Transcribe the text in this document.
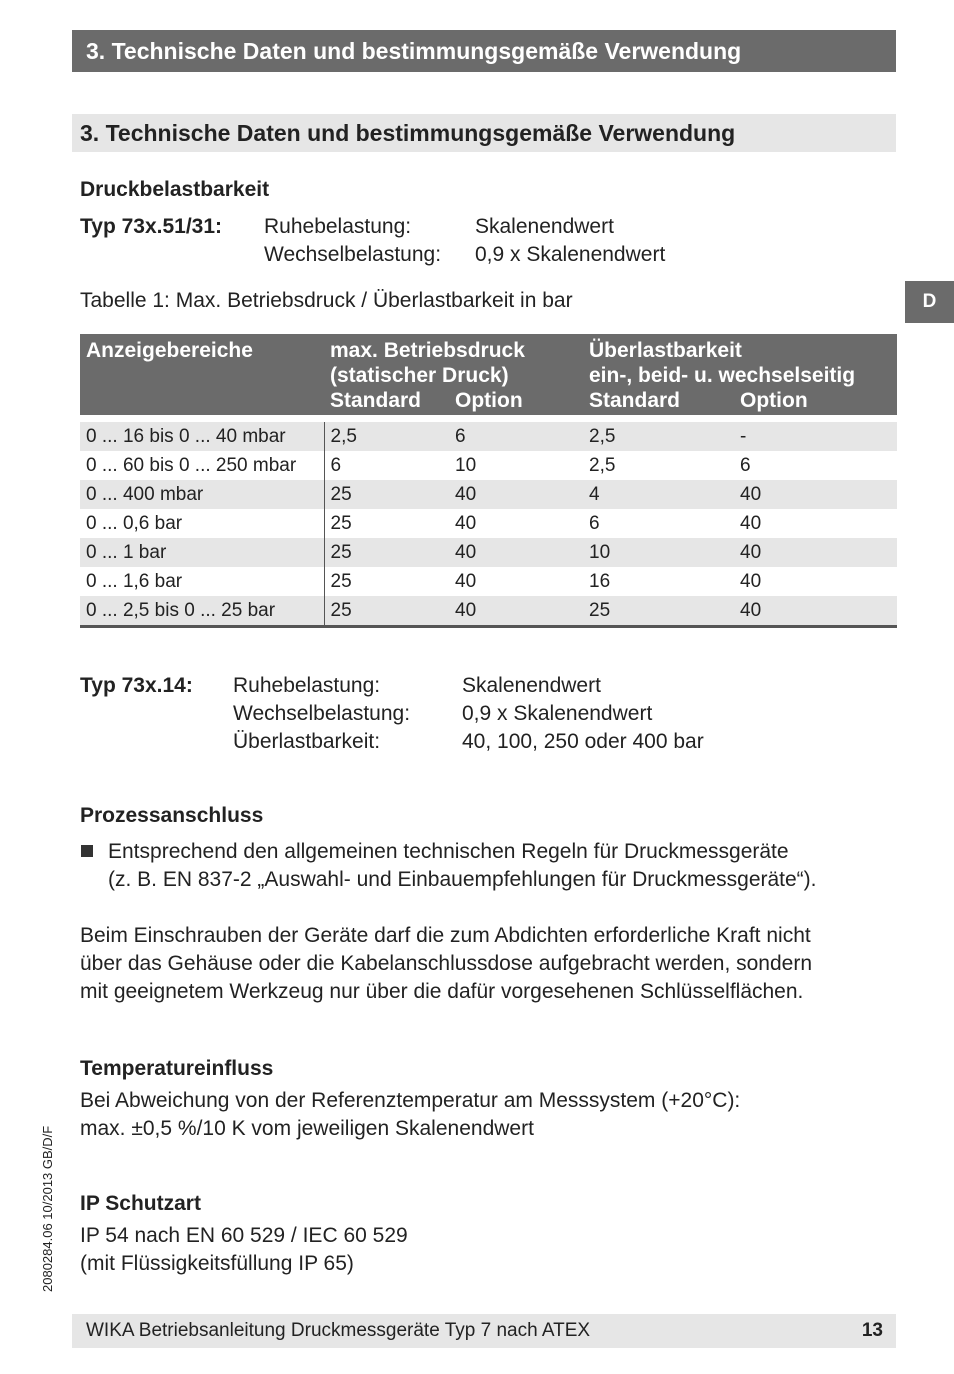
3. Technische Daten und bestimmungsgemäße Verwendung
3. Technische Daten und bestimmungsgemäße Verwendung
D
Druckbelastbarkeit
Typ 73x.51/31: Ruhebelastung:	Skalenendwert
Wechselbelastung: 0,9 x Skalenendwert
Tabelle 1: Max. Betriebsdruck / Überlastbarkeit in bar
Anzeigebereiche	max. Betriebsdruck		Überlastbarkeit	
	(statischer Druck)		ein-, beid- u. wechselseitig	
	Standard	Option	Standard	Option

0 ... 16 bis 0 ... 40 mbar	2,5	6	2,5	-
0 ... 60 bis 0 ... 250 mbar	6	10	2,5	6
0 ... 400 mbar	25	40	4	40
0 ... 0,6 bar	25	40	6	40
0 ... 1 bar	25	40	10	40
0 ... 1,6 bar	25	40	16	40
0 ... 2,5 bis 0 ... 25 bar	25	40	25	40
Typ 73x.14: Ruhebelastung:	Skalenendwert
Wechselbelastung: 0,9 x Skalenendwert
Überlastbarkeit:	40, 100, 250 oder 400 bar
Prozessanschluss
Entsprechend den allgemeinen technischen Regeln für Druckmessgeräte
(z. B. EN 837-2 „Auswahl- und Einbauempfehlungen für Druckmessgeräte“).
Beim Einschrauben der Geräte darf die zum Abdichten erforderliche Kraft nicht
über das Gehäuse oder die Kabelanschlussdose aufgebracht werden, sondern
mit geeignetem Werkzeug nur über die dafür vorgesehenen Schlüsselflächen.
Temperatureinfluss
Bei Abweichung von der Referenztemperatur am Messsystem (+20°C):
max. ±0,5 %/10 K vom jeweiligen Skalenendwert
IP Schutzart
IP 54 nach EN 60 529 / IEC 60 529
(mit Flüssigkeitsfüllung IP 65)
2080284.06 10/2013 GB/D/F
WIKA Betriebsanleitung Druckmessgeräte Typ 7 nach ATEX	13
